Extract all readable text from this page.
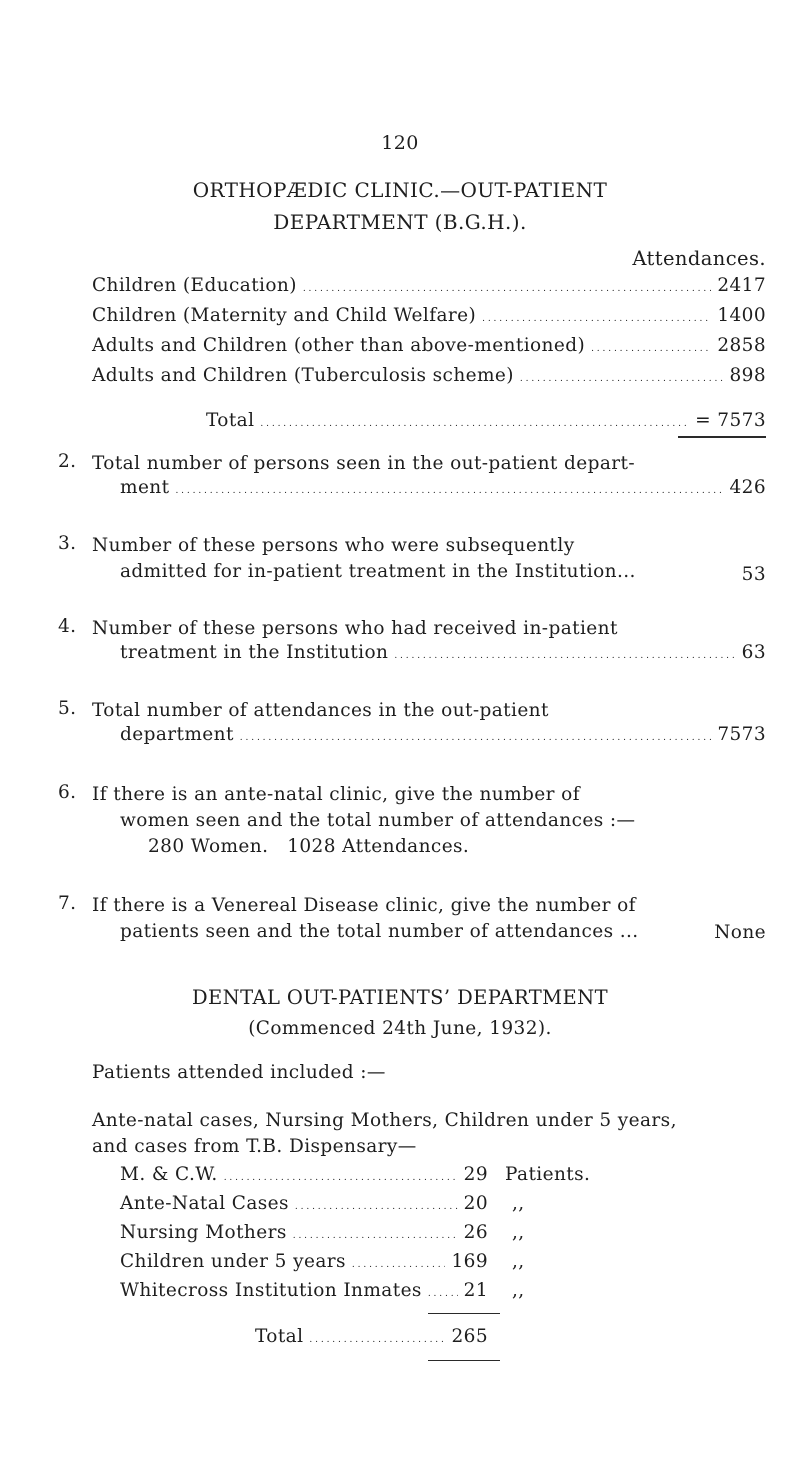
120
ORTHOPÆDIC CLINIC.—OUT-PATIENT
DEPARTMENT (B.G.H.).
Attendances.
Children (Education) . . .	2417
Children (Maternity and Child Welfare) . . .	1400
Adults and Children (other than above-mentioned) . . .	2858
Adults and Children (Tuberculosis scheme) . . .	898
Total . . .	= 7573
2. Total number of persons seen in the out-patient depart-
ment . . .	426
3. Number of these persons who were subsequently
admitted for in-patient treatment in the Institution...	53
4. Number of these persons who had received in-patient
treatment in the Institution . . .	63
5. Total number of attendances in the out-patient
department . . .	7573
6. If there is an ante-natal clinic, give the number of
women seen and the total number of attendances :—
280 Women.   1028 Attendances.
7. If there is a Venereal Disease clinic, give the number of
patients seen and the total number of attendances ...	None
DENTAL OUT-PATIENTS’ DEPARTMENT
(Commenced 24th June, 1932).
Patients attended included :—
Ante-natal cases, Nursing Mothers, Children under 5 years,
and cases from T.B. Dispensary—
M. & C.W. . . .	29 Patients.
Ante-Natal Cases . . .	20 ,,
Nursing Mothers . . .	26 ,,
Children under 5 years . . .	169 ,,
Whitecross Institution Inmates . . . 21 ,,
Total . . .	265
